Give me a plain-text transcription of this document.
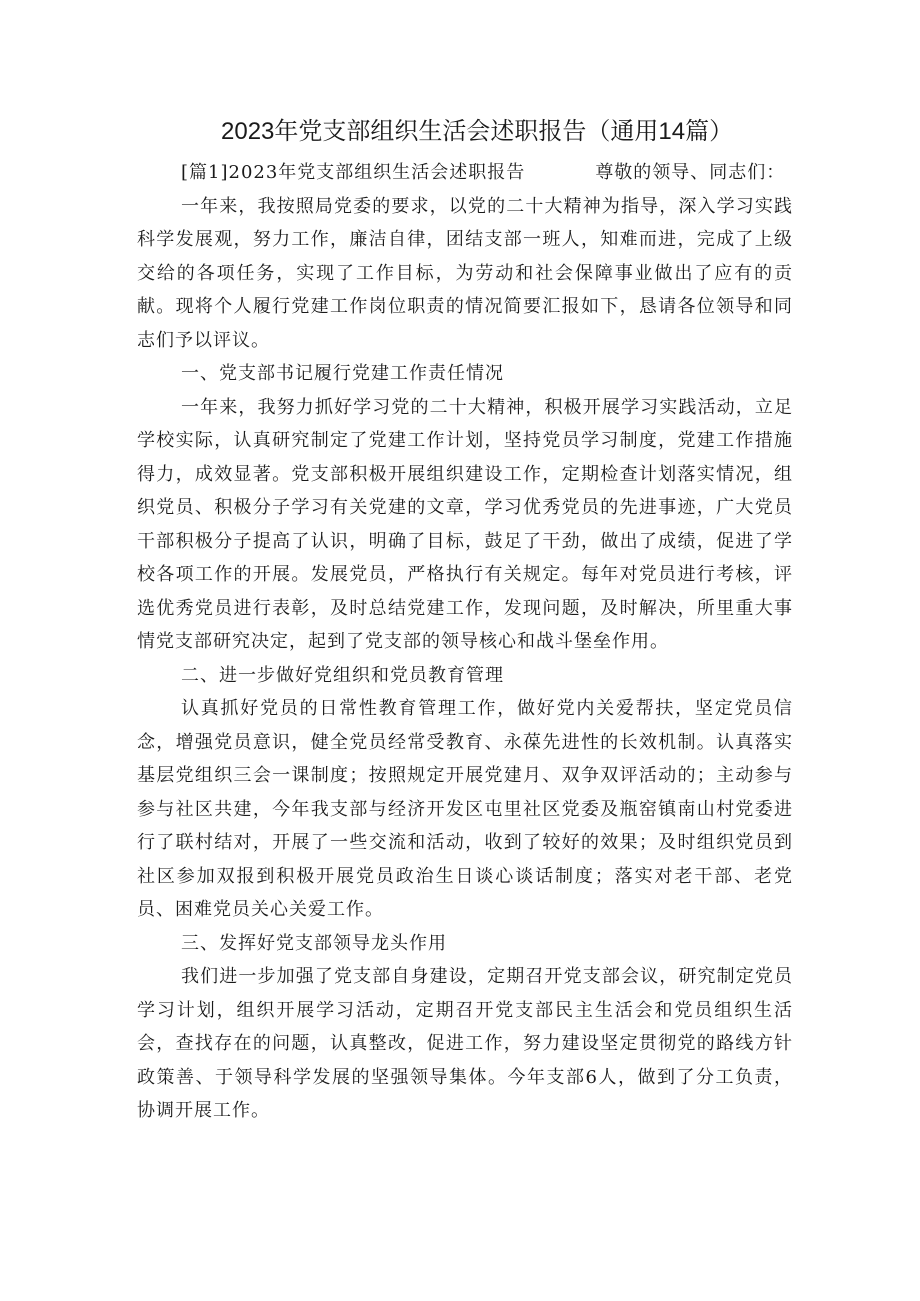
2023年党支部组织生活会述职报告（通用14篇）

[篇1]2023年党支部组织生活会述职报告	尊敬的领导、同志们：

一年来，我按照局党委的要求，以党的二十大精神为指导，深入学习实践科学发展观，努力工作，廉洁自律，团结支部一班人，知难而进，完成了上级交给的各项任务，实现了工作目标，为劳动和社会保障事业做出了应有的贡献。现将个人履行党建工作岗位职责的情况简要汇报如下，恳请各位领导和同志们予以评议。

一、党支部书记履行党建工作责任情况

一年来，我努力抓好学习党的二十大精神，积极开展学习实践活动，立足学校实际，认真研究制定了党建工作计划，坚持党员学习制度，党建工作措施得力，成效显著。党支部积极开展组织建设工作，定期检查计划落实情况，组织党员、积极分子学习有关党建的文章，学习优秀党员的先进事迹，广大党员干部积极分子提高了认识，明确了目标，鼓足了干劲，做出了成绩，促进了学校各项工作的开展。发展党员，严格执行有关规定。每年对党员进行考核，评选优秀党员进行表彰，及时总结党建工作，发现问题，及时解决，所里重大事情党支部研究决定，起到了党支部的领导核心和战斗堡垒作用。

二、进一步做好党组织和党员教育管理

认真抓好党员的日常性教育管理工作，做好党内关爱帮扶，坚定党员信念，增强党员意识，健全党员经常受教育、永葆先进性的长效机制。认真落实基层党组织三会一课制度；按照规定开展党建月、双争双评活动的；主动参与参与社区共建，今年我支部与经济开发区屯里社区党委及瓶窑镇南山村党委进行了联村结对，开展了一些交流和活动，收到了较好的效果；及时组织党员到社区参加双报到积极开展党员政治生日谈心谈话制度；落实对老干部、老党员、困难党员关心关爱工作。

三、发挥好党支部领导龙头作用

我们进一步加强了党支部自身建设，定期召开党支部会议，研究制定党员学习计划，组织开展学习活动，定期召开党支部民主生活会和党员组织生活会，查找存在的问题，认真整改，促进工作，努力建设坚定贯彻党的路线方针政策善、于领导科学发展的坚强领导集体。今年支部6人，做到了分工负责，协调开展工作。
